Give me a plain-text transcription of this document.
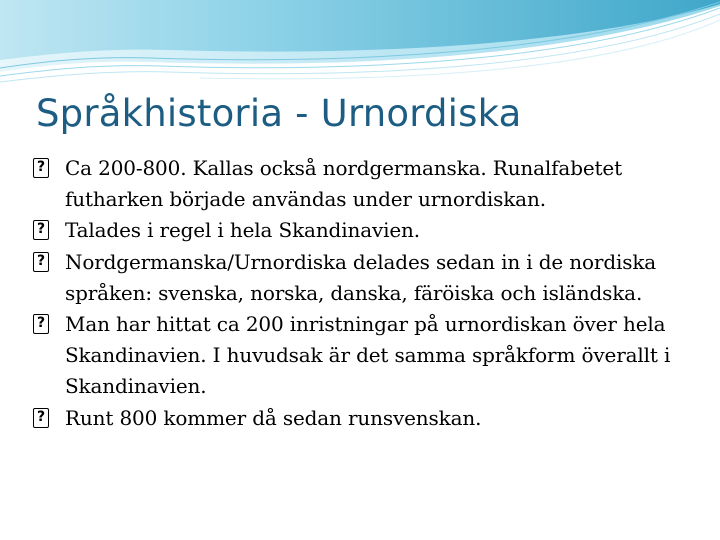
Språkhistoria - Urnordiska
? Ca 200-800. Kallas också nordgermanska. Runalfabetet futharken började användas under urnordiskan.
? Talades i regel i hela Skandinavien.
? Nordgermanska/Urnordiska delades sedan in i de nordiska språken: svenska, norska, danska, färöiska och isländska.
? Man har hittat ca 200 inristningar på urnordiskan över hela Skandinavien. I huvudsak är det samma språkform överallt i Skandinavien.
? Runt 800 kommer då sedan runsvenskan.
